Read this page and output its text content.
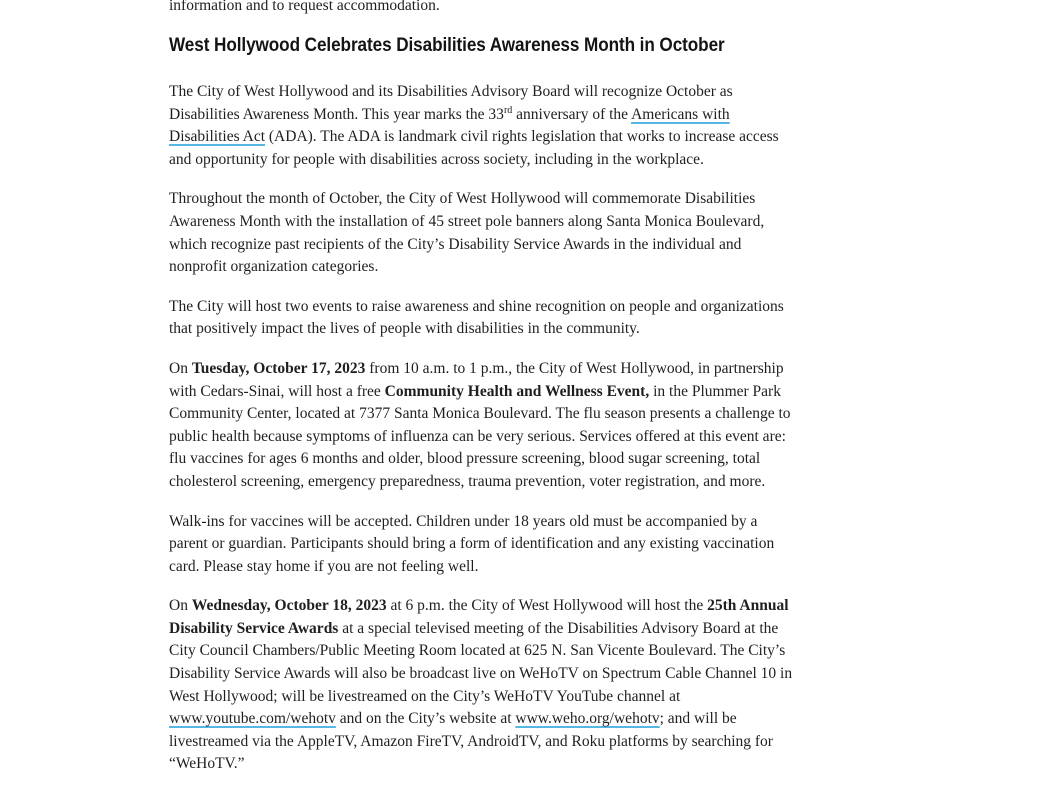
information and to request accommodation.

West Hollywood Celebrates Disabilities Awareness Month in October

The City of West Hollywood and its Disabilities Advisory Board will recognize October as Disabilities Awareness Month. This year marks the 33rd anniversary of the Americans with Disabilities Act (ADA). The ADA is landmark civil rights legislation that works to increase access and opportunity for people with disabilities across society, including in the workplace.

Throughout the month of October, the City of West Hollywood will commemorate Disabilities Awareness Month with the installation of 45 street pole banners along Santa Monica Boulevard, which recognize past recipients of the City’s Disability Service Awards in the individual and nonprofit organization categories.

The City will host two events to raise awareness and shine recognition on people and organizations that positively impact the lives of people with disabilities in the community.

On Tuesday, October 17, 2023 from 10 a.m. to 1 p.m., the City of West Hollywood, in partnership with Cedars-Sinai, will host a free Community Health and Wellness Event, in the Plummer Park Community Center, located at 7377 Santa Monica Boulevard. The flu season presents a challenge to public health because symptoms of influenza can be very serious. Services offered at this event are: flu vaccines for ages 6 months and older, blood pressure screening, blood sugar screening, total cholesterol screening, emergency preparedness, trauma prevention, voter registration, and more.

Walk-ins for vaccines will be accepted. Children under 18 years old must be accompanied by a parent or guardian. Participants should bring a form of identification and any existing vaccination card. Please stay home if you are not feeling well.

On Wednesday, October 18, 2023 at 6 p.m. the City of West Hollywood will host the 25th Annual Disability Service Awards at a special televised meeting of the Disabilities Advisory Board at the City Council Chambers/Public Meeting Room located at 625 N. San Vicente Boulevard. The City’s Disability Service Awards will also be broadcast live on WeHoTV on Spectrum Cable Channel 10 in West Hollywood; will be livestreamed on the City’s WeHoTV YouTube channel at www.youtube.com/wehotv and on the City’s website at www.weho.org/wehotv; and will be livestreamed via the AppleTV, Amazon FireTV, AndroidTV, and Roku platforms by searching for “WeHoTV.”
